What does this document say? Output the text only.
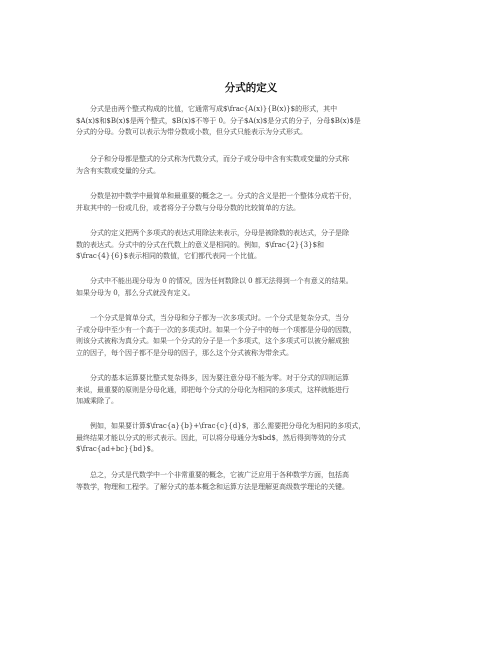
分式的定义

分式是由两个整式构成的比值，它通常写成$\frac{A(x)}{B(x)}$的形式，其中
$A(x)$和$B(x)$是两个整式，$B(x)$不等于 0。分子$A(x)$是分式的分子，分母$B(x)$是
分式的分母。分数可以表示为带分数或小数，但分式只能表示为分式形式。

分子和分母都是整式的分式称为代数分式，而分子或分母中含有实数或变量的分式称
为含有实数或变量的分式。

分数是初中数学中最简单和最重要的概念之一。分式的含义是把一个整体分成若干份，
并取其中的一份或几份，或者将分子分数与分母分数的比较简单的方法。

分式的定义把两个多项式的表达式用除法来表示，分母是被除数的表达式，分子是除
数的表达式。分式中的分式在代数上的意义是相同的。例如，$\frac{2}{3}$和
$\frac{4}{6}$表示相同的数值，它们都代表同一个比值。

分式中不能出现分母为 0 的情况，因为任何数除以 0 都无法得到一个有意义的结果。
如果分母为 0，那么分式就没有定义。

一个分式是简单分式，当分母和分子都为一次多项式时。一个分式是复杂分式，当分
子或分母中至少有一个高于一次的多项式时。如果一个分子中的每一个项都是分母的因数，
则该分式被称为真分式。如果一个分式的分子是一个多项式，这个多项式可以被分解成独
立的因子，每个因子都不是分母的因子，那么这个分式被称为带余式。

分式的基本运算要比整式复杂得多，因为要注意分母不能为零。对于分式的四则运算
来说，最重要的原则是分母化通，即把每个分式的分母化为相同的多项式，这样就能进行
加减乘除了。

例如，如果要计算$\frac{a}{b}+\frac{c}{d}$，那么需要把分母化为相同的多项式，
最终结果才能以分式的形式表示。因此，可以将分母通分为$bd$，然后得到等效的分式
$\frac{ad+bc}{bd}$。

总之，分式是代数学中一个非常重要的概念，它被广泛应用于各种数学方面，包括高
等数学，物理和工程学。了解分式的基本概念和运算方法是理解更高级数学理论的关键。
